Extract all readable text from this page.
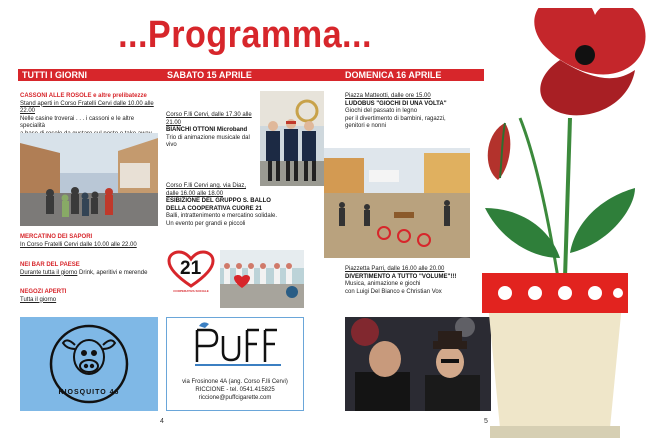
...Programma...
TUTTI I GIORNI	SABATO 15 APRILE	DOMENICA 16 APRILE
CASSONI ALLE ROSOLE e altre prelibatezze
Stand aperti in Corso Fratelli Cervi dalle 10.00 alle 22.00
Nelle casine troverai . . . i cassoni e le altre specialità
MERCATINO DEI SAPORI
In Corso Fratelli Cervi dalle 10.00 alle 22.00
NEI BAR DEL PAESE
Durante tutta il giorno Drink, aperitivi e merende
NEGOZI APERTI
Tutta il giorno
KIOSQUITO 46
Corso F.lli Cervi, dalle 17.30 alle 21.00
BIANCHI OTTONI Microband
Trio di animazione musicale dal vivo
Corso F.lli Cervi ang. via Diaz,
dalle 16.00 alle 18.00
ESIBIZIONE DEL GRUPPO S. BALLO
DELLA COOPERATIVA CUORE 21
Balli, intrattenimento e mercatino solidale.
Un evento per grandi e piccoli
21
COOPERATIVA SOCIALE
via Frosinone 4A (ang. Corso F.lli Cervi)
RICCIONE - tel. 0541.415825
riccione@puffcigarette.com
Piazza Matteotti, dalle ore 15.00
LUDOBUS "GIOCHI DI UNA VOLTA"
Giochi del passato in legno
per il divertimento di bambini, ragazzi,
genitori e nonni
Piazzetta Parri, dalle 16.00 alle 20.00
DIVERTIMENTO A TUTTO "VOLUME"!!!
Musica, animazione e giochi
con Luigi Del Bianco e Christian Vox
4	5
